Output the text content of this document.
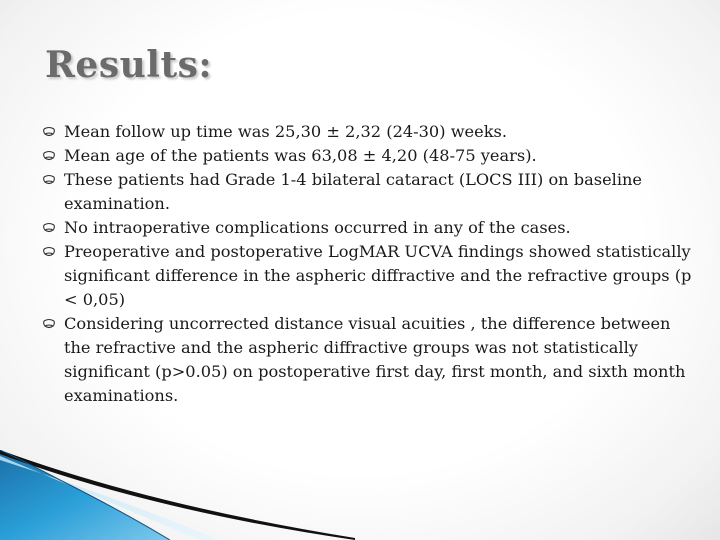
Results:
Mean follow up time was 25,30 ± 2,32 (24-30) weeks.
Mean age of the patients was 63,08 ± 4,20 (48-75 years).
These patients had Grade 1-4 bilateral cataract (LOCS III) on baseline examination.
No intraoperative complications occurred in any of the cases.
Preoperative and postoperative LogMAR UCVA findings showed statistically significant difference in the aspheric diffractive and the refractive groups (p < 0,05)
Considering uncorrected distance visual acuities , the difference between the refractive and the aspheric diffractive groups was not statistically significant (p>0.05) on postoperative first day, first month, and sixth month examinations.
